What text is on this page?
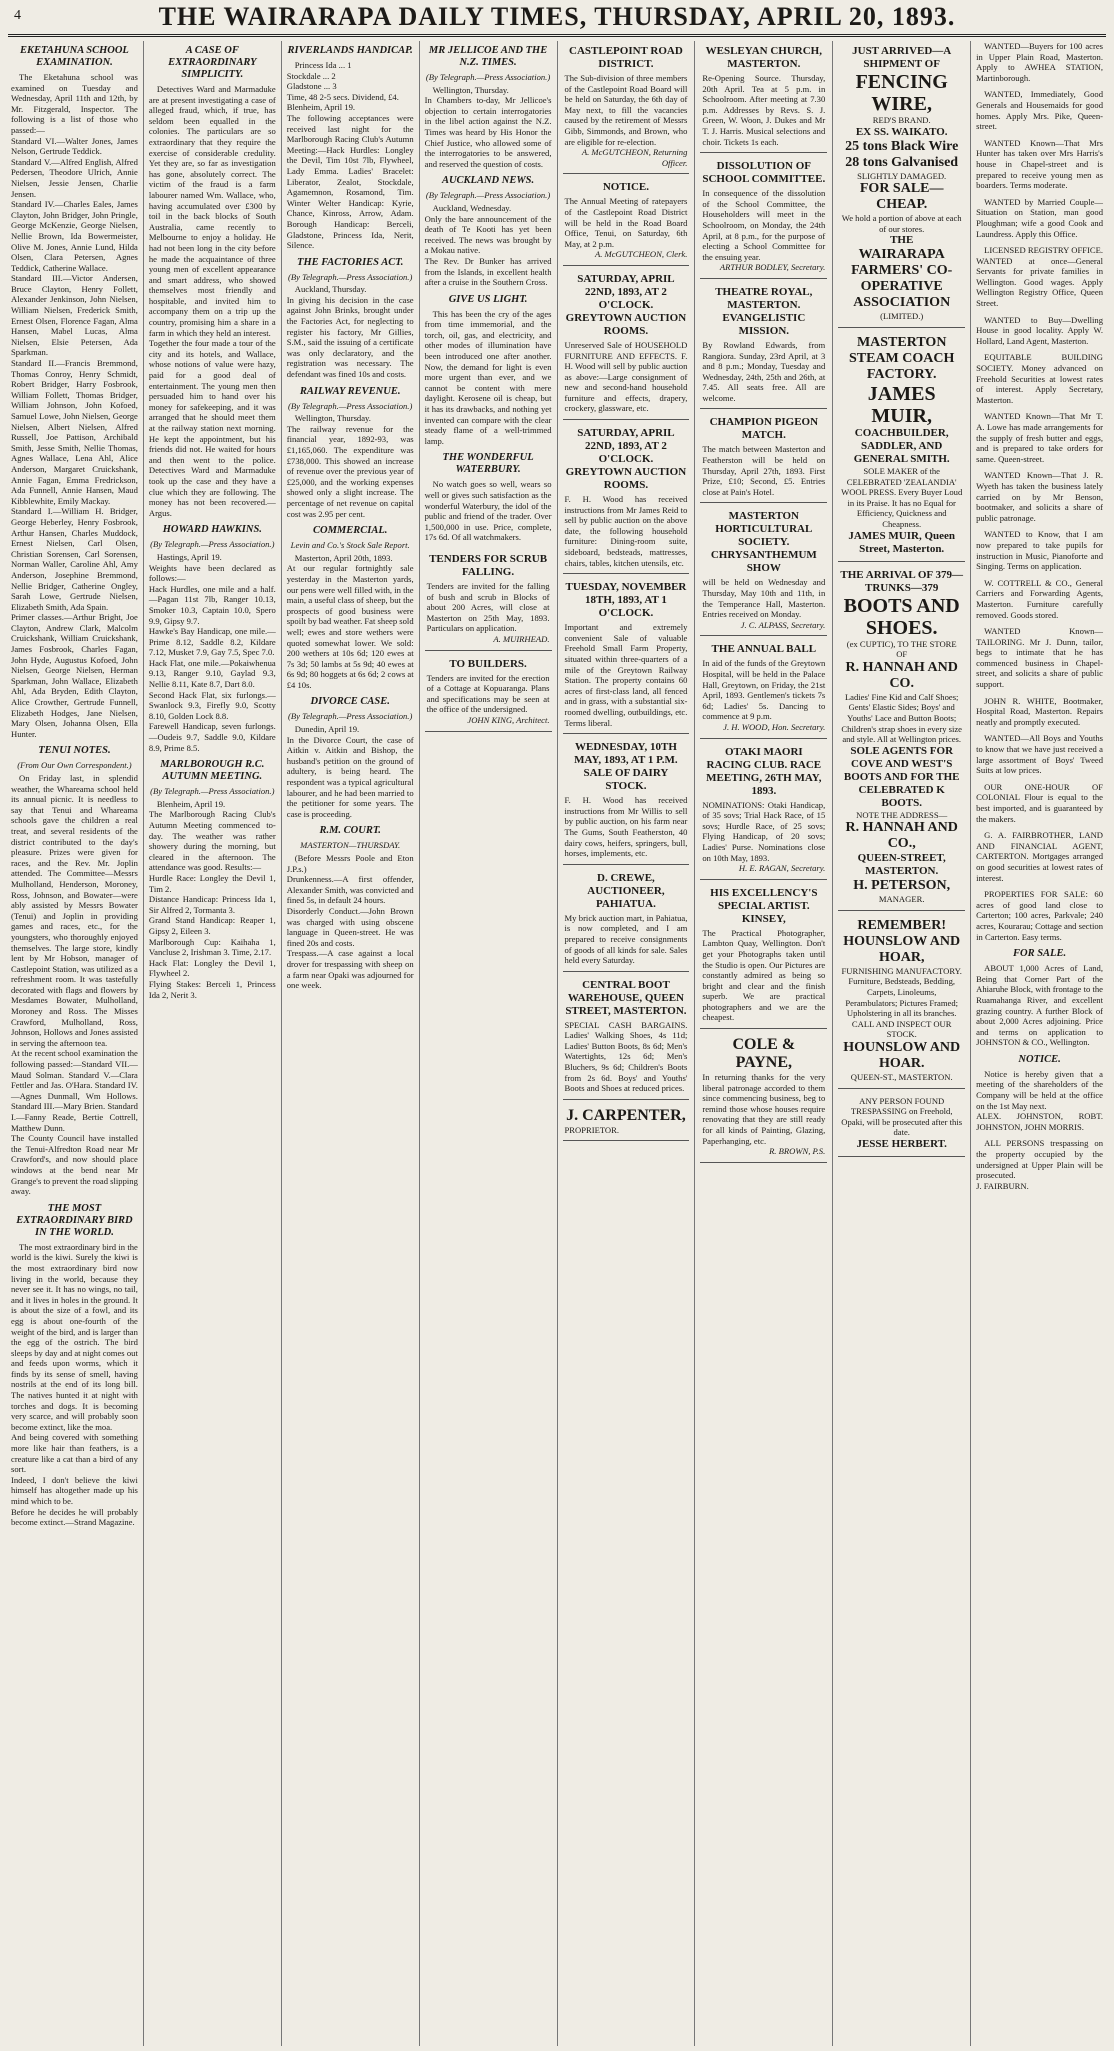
4	THE WAIRARAPA DAILY TIMES, THURSDAY, APRIL 20, 1893.
EKETAHUNA SCHOOL EXAMINATION.
The Eketahuna school was examined on Tuesday and Wednesday, April 11th and 12th, by Mr. Fitzgerald, Inspector. The following is a list of those who passed:—
Standard VI.—Walter Jones, James Nelson, Gertrude Teddick.
Standard V.—Alfred English, Alfred Pedersen, Theodore Ulrich, Annie Nielsen, Jessie Jensen, Charlie Jensen.
Standard IV.—Charles Eales, James Clayton, John Bridger, John Pringle, George McKenzie, George Nielsen, Nellie Brown, Ida Bowermeister, Olive M. Jones, Annie Lund, Hilda Olsen, Clara Petersen, Agnes Teddick, Catherine Wallace.
Standard III.—Victor Andersen, Bruce Clayton, Henry Follett, Alexander Jenkinson, John Nielsen, William Nielsen, Frederick Smith, Ernest Olsen, Florence Fagan, Alma Hansen, Mabel Lucas, Alma Nielsen, Elsie Petersen, Ada Sparkman.
Standard II.—Francis Bremmond, Thomas Conroy, Henry Schmidt, Robert Bridger, Harry Fosbrook, William Follett, Thomas Bridger, William Johnson, John Kofoed, Samuel Lowe, John Nielsen, George Nielsen, Albert Nielsen, Alfred Russell, Joe Pattison, Archibald Smith, Jesse Smith, Nellie Thomas, Agnes Wallace, Lena Ahl, Alice Anderson, Margaret Cruickshank, Annie Fagan, Emma Fredrickson, Ada Funnell, Annie Hansen, Maud Kibblewhite, Emily Mackay.
Standard I.—William H. Bridger, George Heberley, Henry Fosbrook, Arthur Hansen, Charles Muddock, Ernest Nielsen, Carl Olsen, Christian Sorensen, Carl Sorensen, Norman Waller, Caroline Ahl, Amy Anderson, Josephine Bremmond, Nellie Bridger, Catherine Ongley, Sarah Lowe, Gertrude Nielsen, Elizabeth Smith, Ada Spain.
Primer classes.—Arthur Bright, Joe Clayton, Andrew Clark, Malcolm Cruickshank, William Cruickshank, James Fosbrook, Charles Fagan, John Hyde, Augustus Kofoed, John Nielsen, George Nielsen, Herman Sparkman, John Wallace, Elizabeth Ahl, Ada Bryden, Edith Clayton, Alice Crowther, Gertrude Funnell, Elizabeth Hodges, Jane Nielsen, Mary Olsen, Johanna Olsen, Ella Hunter.
TENUI NOTES.
(From Our Own Correspondent.)
On Friday last, in splendid weather, the Whareama school held its annual picnic. It is needless to say that Tenui and Whareama schools gave the children a real treat, and several residents of the district contributed to the day's pleasure. Prizes were given for races, and the Rev. Mr. Joplin attended. The Committee—Messrs Mulholland, Henderson, Moroney, Ross, Johnson, and Bowater—were ably assisted by Messrs Bowater (Tenui) and Joplin in providing games and races, etc., for the youngsters, who thoroughly enjoyed themselves. The large store, kindly lent by Mr Hobson, manager of Castlepoint Station, was utilized as a refreshment room. It was tastefully decorated with flags and flowers by Mesdames Bowater, Mulholland, Moroney and Ross. The Misses Crawford, Mulholland, Ross, Johnson, Hollows and Jones assisted in serving the afternoon tea.
At the recent school examination the following passed:—Standard VII.—Maud Solman. Standard V.—Clara Fettler and Jas. O'Hara. Standard IV.—Agnes Dunmall, Wm Hollows. Standard III.—Mary Brien. Standard I.—Fanny Reade, Bertie Cottrell, Matthew Dunn.
The County Council have installed the Tenui-Alfredton Road near Mr Crawford's, and now should place windows at the bend near Mr Grange's to prevent the road slipping away.
THE MOST EXTRAORDINARY BIRD IN THE WORLD.
The most extraordinary bird in the world is the kiwi. Surely the kiwi is the most extraordinary bird now living in the world, because they never see it. It has no wings, no tail, and it lives in holes in the ground. It is about the size of a fowl, and its egg is about one-fourth of the weight of the bird, and is larger than the egg of the ostrich. The bird sleeps by day and at night comes out and feeds upon worms, which it finds by its sense of smell, having nostrils at the end of its long bill. The natives hunted it at night with torches and dogs. It is becoming very scarce, and will probably soon become extinct, like the moa.
And being covered with something more like hair than feathers, is a creature like a cat than a bird of any sort.
Indeed, I don't believe the kiwi himself has altogether made up his mind which to be.
Before he decides he will probably become extinct.—Strand Magazine.
A CASE OF EXTRAORDINARY SIMPLICITY.
Detectives Ward and Marmaduke are at present investigating a case of alleged fraud, which, if true, has seldom been equalled in the colonies. The particulars are so extraordinary that they require the exercise of considerable credulity. Yet they are, so far as investigation has gone, absolutely correct. The victim of the fraud is a farm labourer named Wm. Wallace, who, having accumulated over £300 by toil in the back blocks of South Australia, came recently to Melbourne to enjoy a holiday. He had not been long in the city before he made the acquaintance of three young men of excellent appearance and smart address, who showed themselves most friendly and hospitable, and invited him to accompany them on a trip up the country, promising him a share in a farm in which they held an interest.
Together the four made a tour of the city and its hotels, and Wallace, whose notions of value were hazy, paid for a good deal of entertainment. The young men then persuaded him to hand over his money for safekeeping, and it was arranged that he should meet them at the railway station next morning. He kept the appointment, but his friends did not. He waited for hours and then went to the police. Detectives Ward and Marmaduke took up the case and they have a clue which they are following. The money has not been recovered.—Argus.
HOWARD HAWKINS.
(By Telegraph.—Press Association.)
Hastings, April 19.
Weights have been declared as follows:—
Hack Hurdles, one mile and a half.—Pagan 11st 7lb, Ranger 10.13, Smoker 10.3, Captain 10.0, Spero 9.9, Gipsy 9.7.
Hawke's Bay Handicap, one mile.—Prime 8.12, Saddle 8.2, Kildare 7.12, Musket 7.9, Gay 7.5, Spec 7.0.
Hack Flat, one mile.—Pokaiwhenua 9.13, Ranger 9.10, Gaylad 9.3, Nellie 8.11, Kate 8.7, Dart 8.0.
Second Hack Flat, six furlongs.—Swanlock 9.3, Firefly 9.0, Scotty 8.10, Golden Lock 8.8.
Farewell Handicap, seven furlongs.—Oudeis 9.7, Saddle 9.0, Kildare 8.9, Prime 8.5.
MARLBOROUGH R.C. AUTUMN MEETING.
(By Telegraph.—Press Association.)
Blenheim, April 19.
The Marlborough Racing Club's Autumn Meeting commenced to-day. The weather was rather showery during the morning, but cleared in the afternoon. The attendance was good. Results:—
Hurdle Race: Longley the Devil 1, Tim 2.
Distance Handicap: Princess Ida 1, Sir Alfred 2, Tormanta 3.
Grand Stand Handicap: Reaper 1, Gipsy 2, Eileen 3.
Marlborough Cup: Kaihaha 1, Vancluse 2, Irishman 3. Time, 2.17.
Hack Flat: Longley the Devil 1, Flywheel 2.
Flying Stakes: Berceli 1, Princess Ida 2, Nerit 3.
RIVERLANDS HANDICAP.
Princess Ida ... 1
Stockdale ... 2
Gladstone ... 3
Time, 48 2-5 secs. Dividend, £4.
Blenheim, April 19.
The following acceptances were received last night for the Marlborough Racing Club's Autumn Meeting:—Hack Hurdles: Longley the Devil, Tim 10st 7lb, Flywheel, Lady Emma. Ladies' Bracelet: Liberator, Zealot, Stockdale, Agamemnon, Rosamond, Tim. Winter Welter Handicap: Kyrie, Chance, Kinross, Arrow, Adam. Borough Handicap: Berceli, Gladstone, Princess Ida, Nerit, Silence.
THE FACTORIES ACT.
(By Telegraph.—Press Association.)
Auckland, Thursday.
In giving his decision in the case against John Brinks, brought under the Factories Act, for neglecting to register his factory, Mr Gillies, S.M., said the issuing of a certificate was only declaratory, and the registration was necessary. The defendant was fined 10s and costs.
RAILWAY REVENUE.
(By Telegraph.—Press Association.)
Wellington, Thursday.
The railway revenue for the financial year, 1892-93, was £1,165,060. The expenditure was £738,000. This showed an increase of revenue over the previous year of £25,000, and the working expenses showed only a slight increase. The percentage of net revenue on capital cost was 2.95 per cent.
COMMERCIAL.
Levin and Co.'s Stock Sale Report.
Masterton, April 20th, 1893.
At our regular fortnightly sale yesterday in the Masterton yards, our pens were well filled with, in the main, a useful class of sheep, but the prospects of good business were spoilt by bad weather. Fat sheep sold well; ewes and store wethers were quoted somewhat lower. We sold: 200 wethers at 10s 6d; 120 ewes at 7s 3d; 50 lambs at 5s 9d; 40 ewes at 6s 9d; 80 hoggets at 6s 6d; 2 cows at £4 10s.
DIVORCE CASE.
(By Telegraph.—Press Association.)
Dunedin, April 19.
In the Divorce Court, the case of Aitkin v. Aitkin and Bishop, the husband's petition on the ground of adultery, is being heard. The respondent was a typical agricultural labourer, and he had been married to the petitioner for some years. The case is proceeding.
R.M. COURT.
MASTERTON—THURSDAY.
(Before Messrs Poole and Eton J.P.s.)
Drunkenness.—A first offender, Alexander Smith, was convicted and fined 5s, in default 24 hours.
Disorderly Conduct.—John Brown was charged with using obscene language in Queen-street. He was fined 20s and costs.
Trespass.—A case against a local drover for trespassing with sheep on a farm near Opaki was adjourned for one week.
MR JELLICOE AND THE N.Z. TIMES.
(By Telegraph.—Press Association.)
Wellington, Thursday.
In Chambers to-day, Mr Jellicoe's objection to certain interrogatories in the libel action against the N.Z. Times was heard by His Honor the Chief Justice, who allowed some of the interrogatories to be answered, and reserved the question of costs.
AUCKLAND NEWS.
(By Telegraph.—Press Association.)
Auckland, Wednesday.
Only the bare announcement of the death of Te Kooti has yet been received. The news was brought by a Mokau native.
The Rev. Dr Bunker has arrived from the Islands, in excellent health after a cruise in the Southern Cross.
GIVE US LIGHT.
This has been the cry of the ages from time immemorial, and the torch, oil, gas, and electricity, and other modes of illumination have been introduced one after another. Now, the demand for light is even more urgent than ever, and we cannot be content with mere daylight. Kerosene oil is cheap, but it has its drawbacks, and nothing yet invented can compare with the clear steady flame of a well-trimmed lamp.
THE WONDERFUL WATERBURY.
No watch goes so well, wears so well or gives such satisfaction as the wonderful Waterbury, the idol of the public and friend of the trader. Over 1,500,000 in use. Price, complete, 17s 6d. Of all watchmakers.
TENDERS FOR SCRUB FALLING.
Tenders are invited for the falling of bush and scrub in Blocks of about 200 Acres, will close at Masterton on 25th May, 1893. Particulars on application.
A. MUIRHEAD.
TO BUILDERS.
Tenders are invited for the erection of a Cottage at Kopuaranga. Plans and specifications may be seen at the office of the undersigned.
JOHN KING, Architect.
CASTLEPOINT ROAD DISTRICT.
The Sub-division of three members of the Castlepoint Road Board will be held on Saturday, the 6th day of May next, to fill the vacancies caused by the retirement of Messrs Gibb, Simmonds, and Brown, who are eligible for re-election.
A. McGUTCHEON, Returning Officer.
NOTICE.
The Annual Meeting of ratepayers of the Castlepoint Road District will be held in the Road Board Office, Tenui, on Saturday, 6th May, at 2 p.m.
A. McGUTCHEON, Clerk.
SATURDAY, APRIL 22ND, 1893, AT 2 O'CLOCK. GREYTOWN AUCTION ROOMS.
Unreserved Sale of HOUSEHOLD FURNITURE AND EFFECTS. F. H. Wood will sell by public auction as above:—Large consignment of new and second-hand household furniture and effects, drapery, crockery, glassware, etc.
SATURDAY, APRIL 22ND, 1893, AT 2 O'CLOCK. GREYTOWN AUCTION ROOMS.
F. H. Wood has received instructions from Mr James Reid to sell by public auction on the above date, the following household furniture: Dining-room suite, sideboard, bedsteads, mattresses, chairs, tables, kitchen utensils, etc.
TUESDAY, NOVEMBER 18TH, 1893, AT 1 O'CLOCK.
Important and extremely convenient Sale of valuable Freehold Small Farm Property, situated within three-quarters of a mile of the Greytown Railway Station. The property contains 60 acres of first-class land, all fenced and in grass, with a substantial six-roomed dwelling, outbuildings, etc. Terms liberal.
WEDNESDAY, 10TH MAY, 1893, AT 1 P.M. SALE OF DAIRY STOCK.
F. H. Wood has received instructions from Mr Willis to sell by public auction, on his farm near The Gums, South Featherston, 40 dairy cows, heifers, springers, bull, horses, implements, etc.
D. CREWE, AUCTIONEER, PAHIATUA.
My brick auction mart, in Pahiatua, is now completed, and I am prepared to receive consignments of goods of all kinds for sale. Sales held every Saturday.
CENTRAL BOOT WAREHOUSE, QUEEN STREET, MASTERTON.
SPECIAL CASH BARGAINS. Ladies' Walking Shoes, 4s 11d; Ladies' Button Boots, 8s 6d; Men's Watertights, 12s 6d; Men's Bluchers, 9s 6d; Children's Boots from 2s 6d. Boys' and Youths' Boots and Shoes at reduced prices.
J. CARPENTER,
PROPRIETOR.
WESLEYAN CHURCH, MASTERTON.
Re-Opening Source. Thursday, 20th April. Tea at 5 p.m. in Schoolroom. After meeting at 7.30 p.m. Addresses by Revs. S. J. Green, W. Woon, J. Dukes and Mr T. J. Harris. Musical selections and choir. Tickets 1s each.
DISSOLUTION OF SCHOOL COMMITTEE.
In consequence of the dissolution of the School Committee, the Householders will meet in the Schoolroom, on Monday, the 24th April, at 8 p.m., for the purpose of electing a School Committee for the ensuing year.
ARTHUR BODLEY, Secretary.
THEATRE ROYAL, MASTERTON. EVANGELISTIC MISSION.
By Rowland Edwards, from Rangiora. Sunday, 23rd April, at 3 and 8 p.m.; Monday, Tuesday and Wednesday, 24th, 25th and 26th, at 7.45. All seats free. All are welcome.
CHAMPION PIGEON MATCH.
The match between Masterton and Featherston will be held on Thursday, April 27th, 1893. First Prize, £10; Second, £5. Entries close at Pain's Hotel.
MASTERTON HORTICULTURAL SOCIETY. CHRYSANTHEMUM SHOW
will be held on Wednesday and Thursday, May 10th and 11th, in the Temperance Hall, Masterton. Entries received on Monday.
J. C. ALPASS, Secretary.
THE ANNUAL BALL
In aid of the funds of the Greytown Hospital, will be held in the Palace Hall, Greytown, on Friday, the 21st April, 1893. Gentlemen's tickets 7s 6d; Ladies' 5s. Dancing to commence at 9 p.m.
J. H. WOOD, Hon. Secretary.
OTAKI MAORI RACING CLUB. RACE MEETING, 26TH MAY, 1893.
NOMINATIONS: Otaki Handicap, of 35 sovs; Trial Hack Race, of 15 sovs; Hurdle Race, of 25 sovs; Flying Handicap, of 20 sovs; Ladies' Purse. Nominations close on 10th May, 1893.
H. E. RAGAN, Secretary.
HIS EXCELLENCY'S SPECIAL ARTIST. KINSEY,
The Practical Photographer, Lambton Quay, Wellington. Don't get your Photographs taken until the Studio is open. Our Pictures are constantly admired as being so bright and clear and the finish superb. We are practical photographers and we are the cheapest.
COLE & PAYNE,
In returning thanks for the very liberal patronage accorded to them since commencing business, beg to remind those whose houses require renovating that they are still ready for all kinds of Painting, Glazing, Paperhanging, etc.
R. BROWN, P.S.
JUST ARRIVED—A SHIPMENT OF
FENCING WIRE,
RED'S BRAND.
EX SS. WAIKATO.
25 tons Black Wire
28 tons Galvanised
SLIGHTLY DAMAGED.
FOR SALE—CHEAP.
We hold a portion of above at each of our stores.
THE
WAIRARAPA FARMERS' CO-OPERATIVE ASSOCIATION
(LIMITED.)
MASTERTON STEAM COACH FACTORY.
JAMES MUIR,
COACHBUILDER, SADDLER, AND GENERAL SMITH.
SOLE MAKER of the CELEBRATED 'ZEALANDIA' WOOL PRESS. Every Buyer Loud in its Praise. It has no Equal for Efficiency, Quickness and Cheapness.
JAMES MUIR, Queen Street, Masterton.
THE ARRIVAL OF 379—TRUNKS—379
BOOTS AND SHOES.
(ex CUPTIC), TO THE STORE OF
R. HANNAH AND CO.
Ladies' Fine Kid and Calf Shoes; Gents' Elastic Sides; Boys' and Youths' Lace and Button Boots; Children's strap shoes in every size and style. All at Wellington prices.
SOLE AGENTS FOR COVE AND WEST'S BOOTS AND FOR THE CELEBRATED K BOOTS.
NOTE THE ADDRESS—
R. HANNAH AND CO.,
QUEEN-STREET, MASTERTON.
H. PETERSON,
MANAGER.
REMEMBER!
HOUNSLOW AND HOAR,
FURNISHING MANUFACTORY. Furniture, Bedsteads, Bedding, Carpets, Linoleums, Perambulators; Pictures Framed; Upholstering in all its branches. CALL AND INSPECT OUR STOCK.
HOUNSLOW AND HOAR.
QUEEN-ST., MASTERTON.
ANY PERSON FOUND TRESPASSING on Freehold, Opaki, will be prosecuted after this date.
JESSE HERBERT.
WANTED—Buyers for 100 acres in Upper Plain Road, Masterton. Apply to AWHEA STATION, Martinborough.
WANTED, Immediately, Good Generals and Housemaids for good homes. Apply Mrs. Pike, Queen-street.
WANTED Known—That Mrs Hunter has taken over Mrs Harris's house in Chapel-street and is prepared to receive young men as boarders. Terms moderate.
WANTED by Married Couple—Situation on Station, man good Ploughman; wife a good Cook and Laundress. Apply this Office.
LICENSED REGISTRY OFFICE. WANTED at once—General Servants for private families in Wellington. Good wages. Apply Wellington Registry Office, Queen Street.
WANTED to Buy—Dwelling House in good locality. Apply W. Hollard, Land Agent, Masterton.
EQUITABLE BUILDING SOCIETY. Money advanced on Freehold Securities at lowest rates of interest. Apply Secretary, Masterton.
WANTED Known—That Mr T. A. Lowe has made arrangements for the supply of fresh butter and eggs, and is prepared to take orders for same. Queen-street.
WANTED Known—That J. R. Wyeth has taken the business lately carried on by Mr Benson, bootmaker, and solicits a share of public patronage.
WANTED to Know, that I am now prepared to take pupils for instruction in Music, Pianoforte and Singing. Terms on application.
W. COTTRELL & CO., General Carriers and Forwarding Agents, Masterton. Furniture carefully removed. Goods stored.
WANTED Known—TAILORING. Mr J. Dunn, tailor, begs to intimate that he has commenced business in Chapel-street, and solicits a share of public support.
JOHN R. WHITE, Bootmaker, Hospital Road, Masterton. Repairs neatly and promptly executed.
WANTED—All Boys and Youths to know that we have just received a large assortment of Boys' Tweed Suits at low prices.
OUR ONE-HOUR OF COLONIAL Flour is equal to the best imported, and is guaranteed by the makers.
G. A. FAIRBROTHER, LAND AND FINANCIAL AGENT, CARTERTON. Mortgages arranged on good securities at lowest rates of interest.
PROPERTIES FOR SALE: 60 acres of good land close to Carterton; 100 acres, Parkvale; 240 acres, Kourarau; Cottage and section in Carterton. Easy terms.
FOR SALE.
ABOUT 1,000 Acres of Land, Being that Corner Part of the Ahiaruhe Block, with frontage to the Ruamahanga River, and excellent grazing country. A further Block of about 2,000 Acres adjoining. Price and terms on application to JOHNSTON & CO., Wellington.
NOTICE.
Notice is hereby given that a meeting of the shareholders of the Company will be held at the office on the 1st May next.
ALEX. JOHNSTON, ROBT. JOHNSTON, JOHN MORRIS.
ALL PERSONS trespassing on the property occupied by the undersigned at Upper Plain will be prosecuted.
J. FAIRBURN.
